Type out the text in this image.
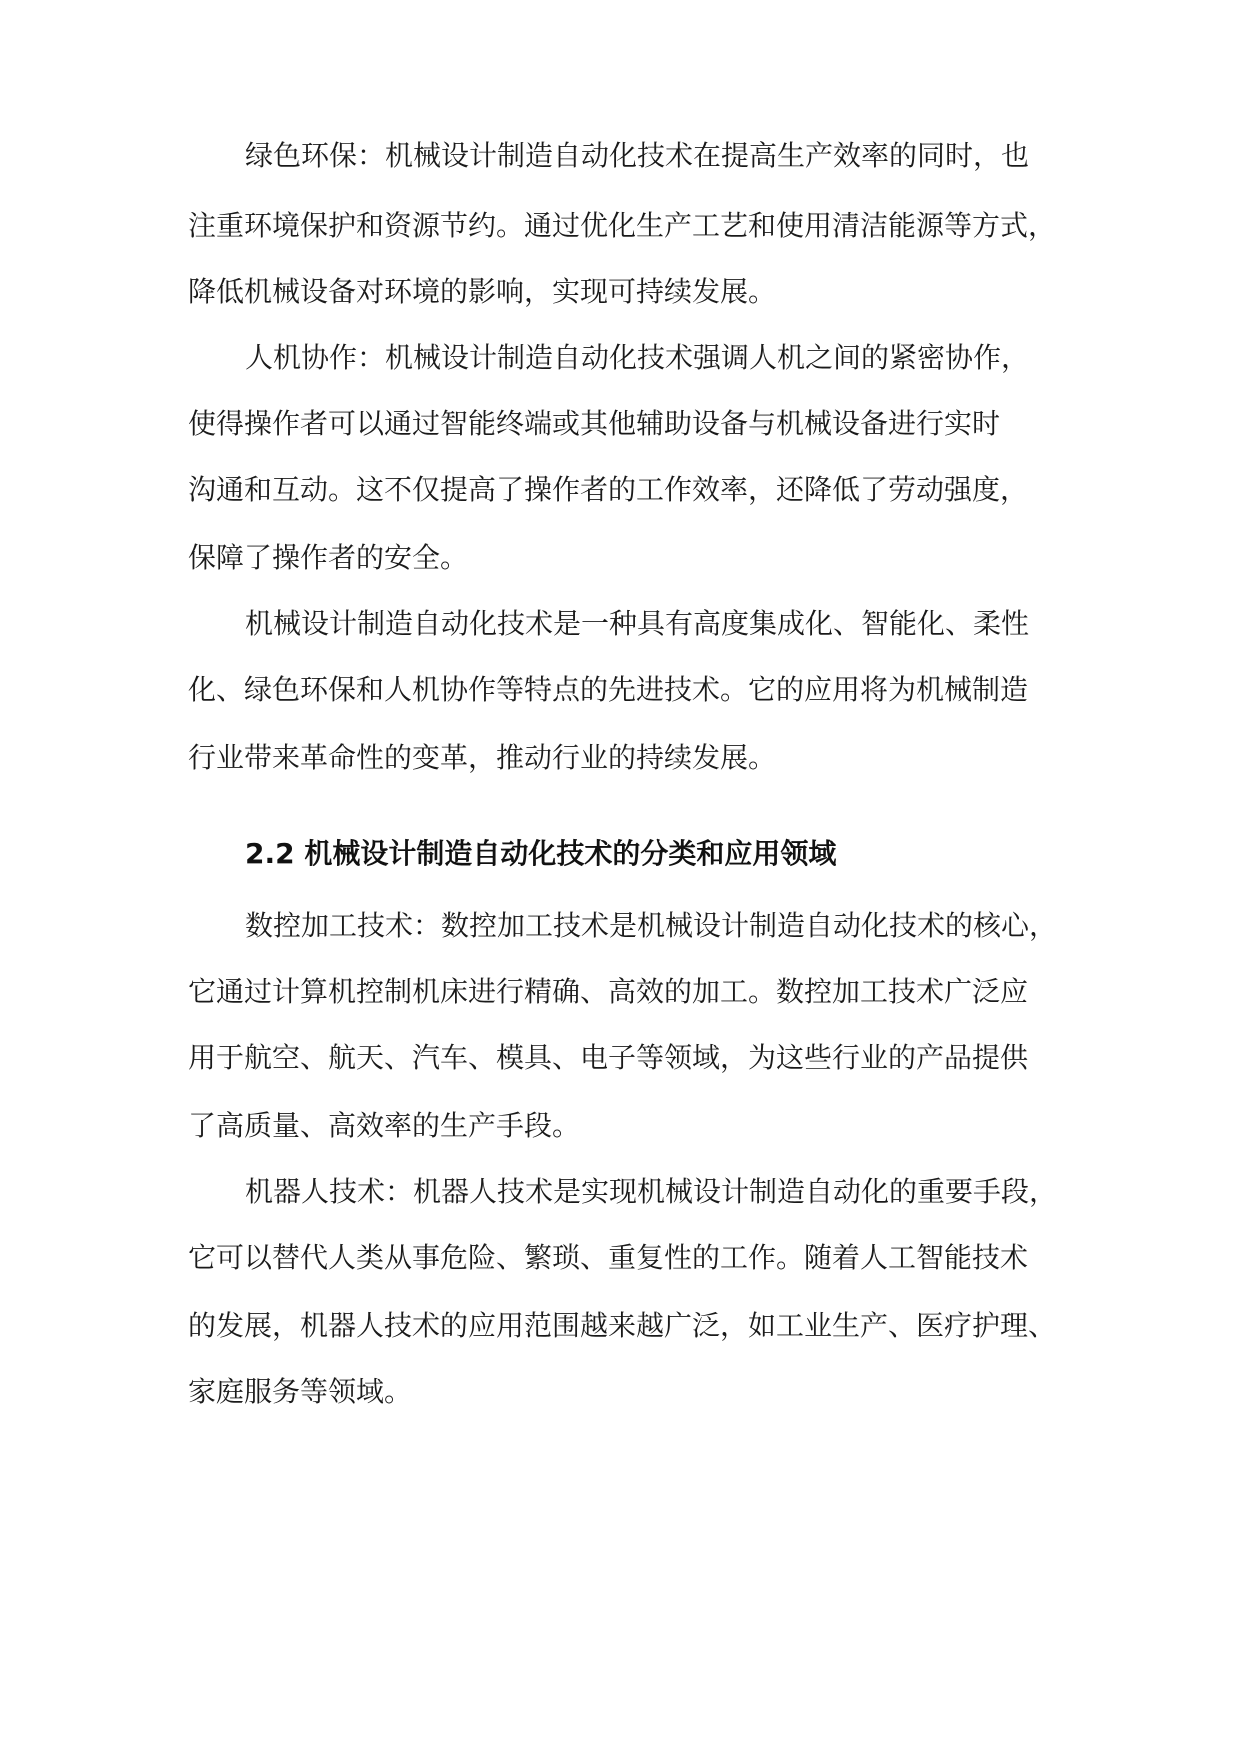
绿色环保：机械设计制造自动化技术在提高生产效率的同时，也

注重环境保护和资源节约。通过优化生产工艺和使用清洁能源等方式，

降低机械设备对环境的影响，实现可持续发展。

人机协作：机械设计制造自动化技术强调人机之间的紧密协作，

使得操作者可以通过智能终端或其他辅助设备与机械设备进行实时

沟通和互动。这不仅提高了操作者的工作效率，还降低了劳动强度，

保障了操作者的安全。

机械设计制造自动化技术是一种具有高度集成化、智能化、柔性

化、绿色环保和人机协作等特点的先进技术。它的应用将为机械制造

行业带来革命性的变革，推动行业的持续发展。

2.2 机械设计制造自动化技术的分类和应用领域

数控加工技术：数控加工技术是机械设计制造自动化技术的核心，

它通过计算机控制机床进行精确、高效的加工。数控加工技术广泛应

用于航空、航天、汽车、模具、电子等领域，为这些行业的产品提供

了高质量、高效率的生产手段。

机器人技术：机器人技术是实现机械设计制造自动化的重要手段，

它可以替代人类从事危险、繁琐、重复性的工作。随着人工智能技术

的发展，机器人技术的应用范围越来越广泛，如工业生产、医疗护理、

家庭服务等领域。
